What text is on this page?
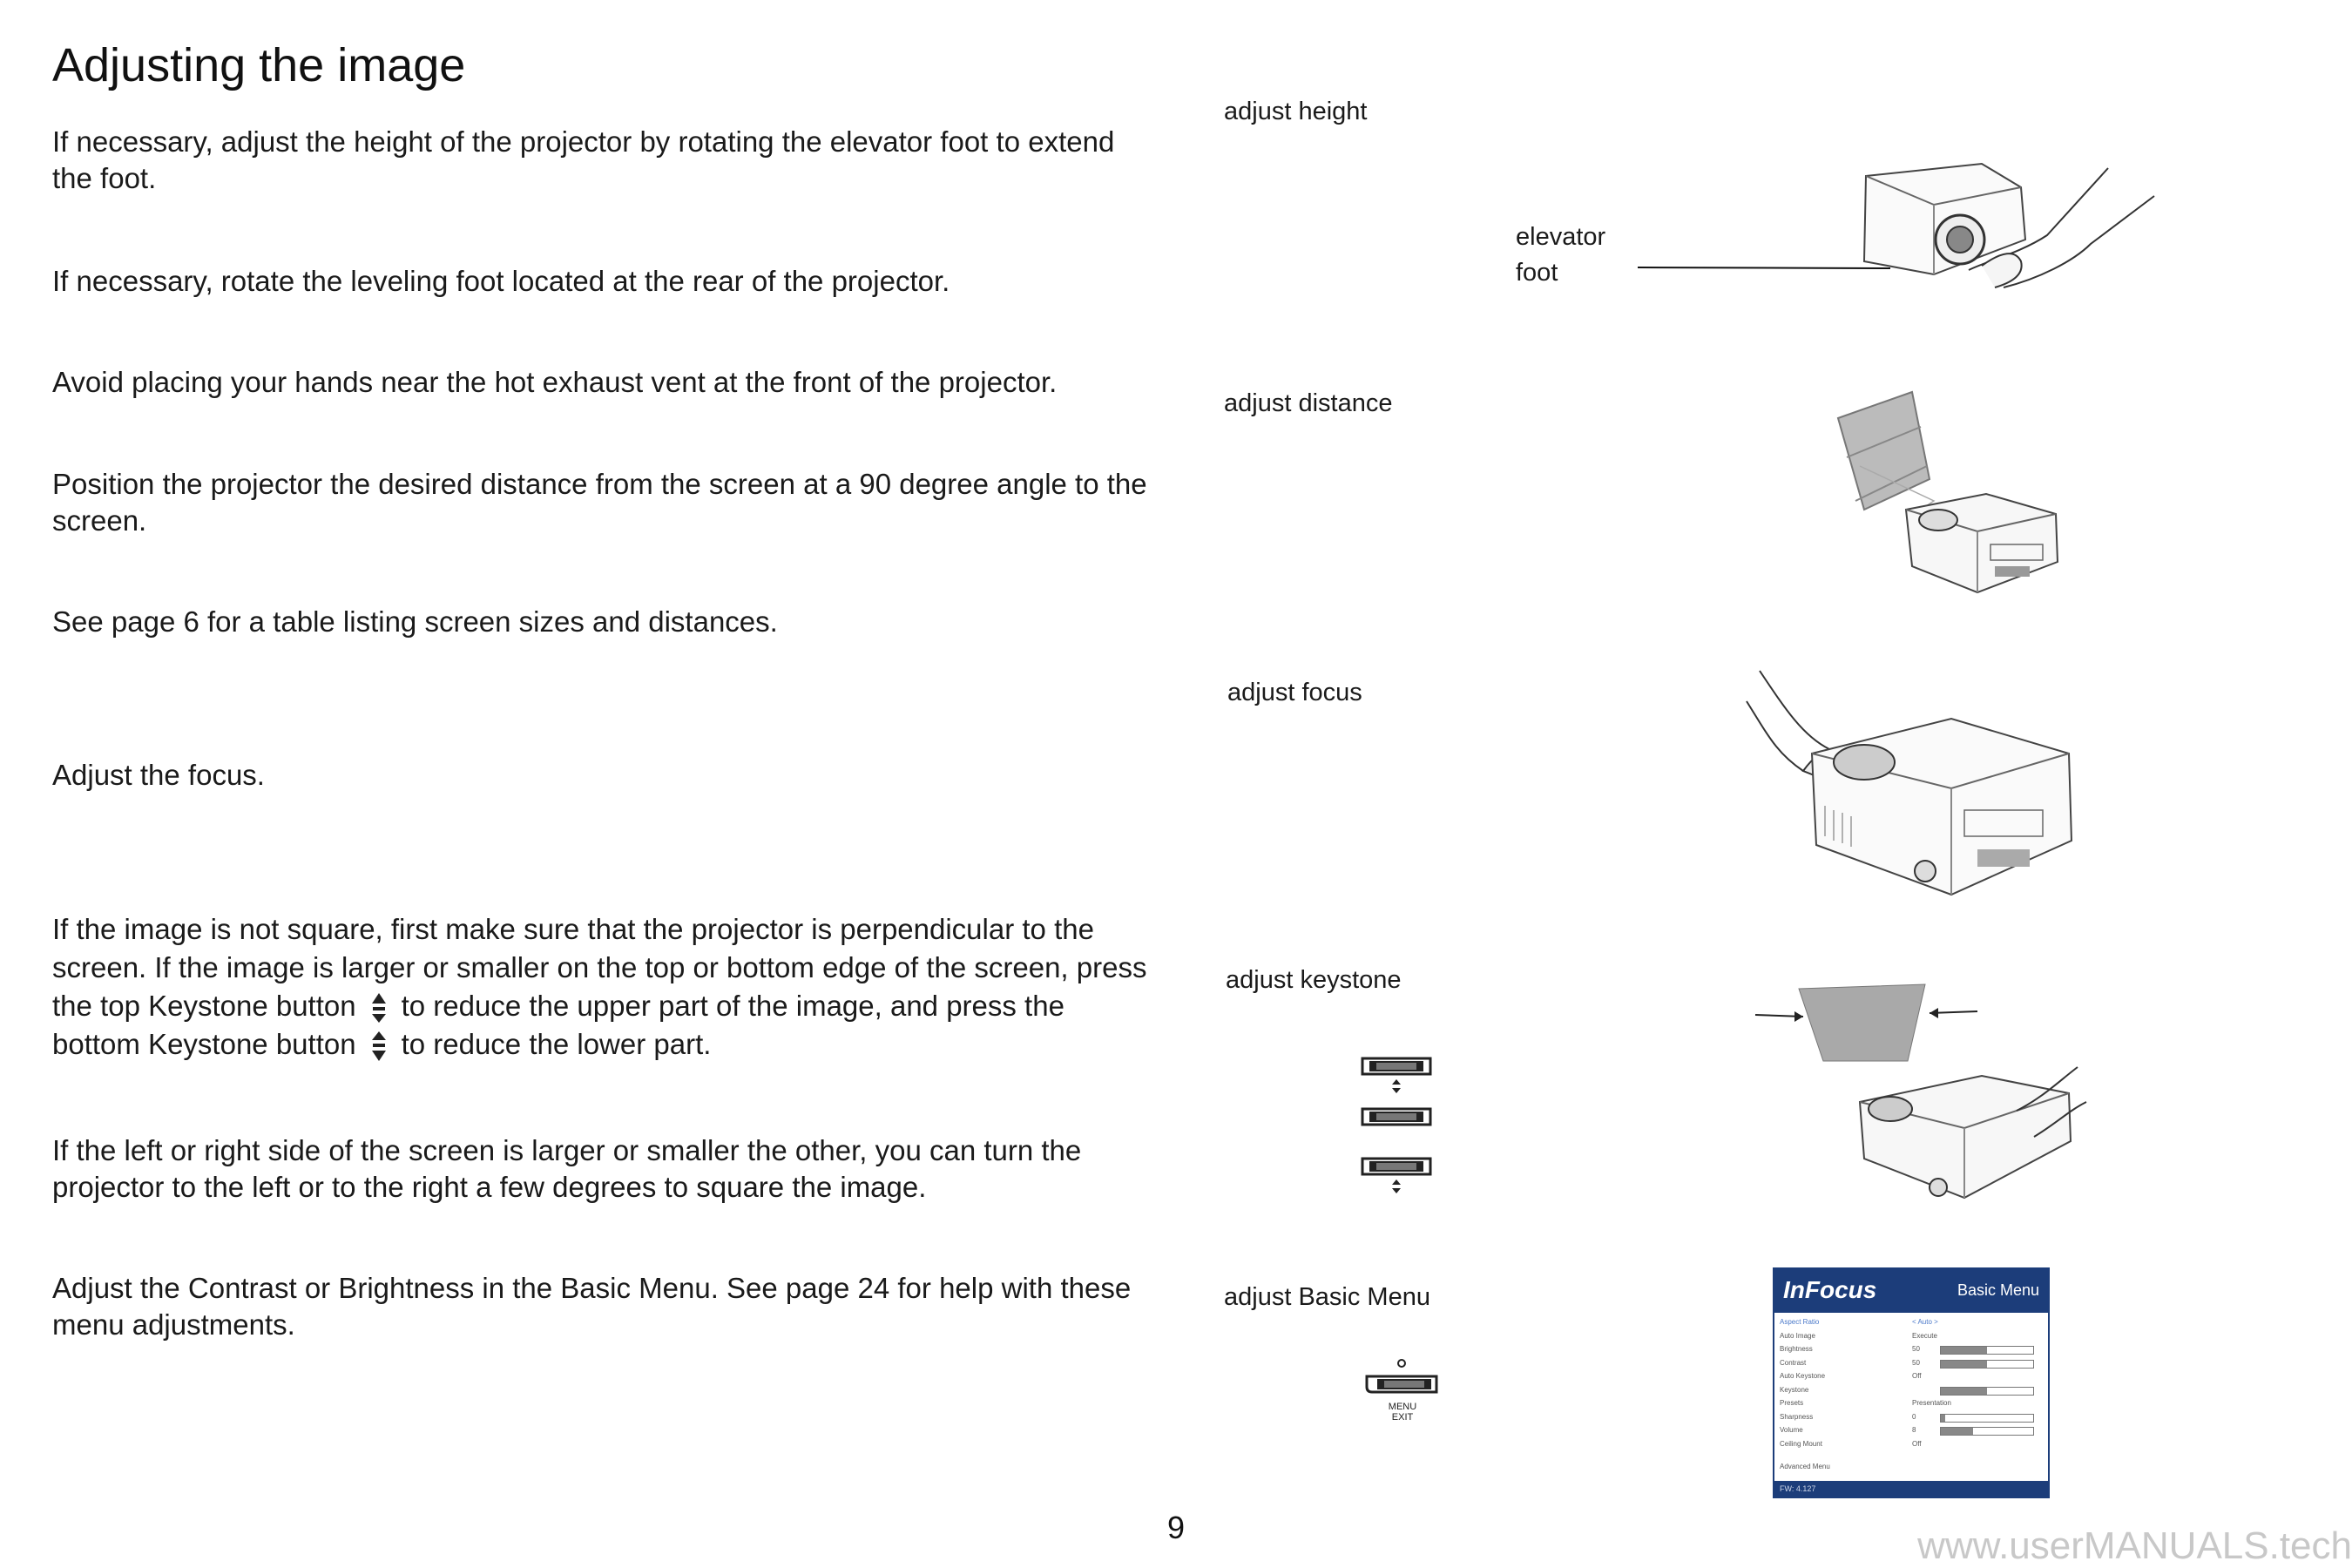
Adjusting the image
If necessary, adjust the height of the projector by rotating the elevator foot to extend the foot.
If necessary, rotate the leveling foot located at the rear of the projector.
Avoid placing your hands near the hot exhaust vent at the front of the projector.
Position the projector the desired distance from the screen at a 90 degree angle to the screen.
See page 6 for a table listing screen sizes and distances.
Adjust the focus.
If the image is not square, first make sure that the projector is perpendicular to the screen. If the image is larger or smaller on the top or bottom edge of the screen, press the top Keystone button to reduce the upper part of the image, and press the bottom Keystone button to reduce the lower part.
If the left or right side of the screen is larger or smaller the other, you can turn the projector to the left or to the right a few degrees to square the image.
Adjust the Contrast or Brightness in the Basic Menu. See page 24 for help with these menu adjustments.
adjust height
elevator
foot
adjust distance
adjust focus
adjust keystone
adjust Basic Menu
MENU
EXIT
InFocus	Basic Menu
Aspect Ratio	< Auto >
Auto Image	Execute
Brightness	50
Contrast	50
Auto Keystone	Off
Keystone
Presets	Presentation
Sharpness	0
Volume	8
Ceiling Mount	Off
Advanced Menu
FW: 4.127
9	www.userMANUALS.tech
